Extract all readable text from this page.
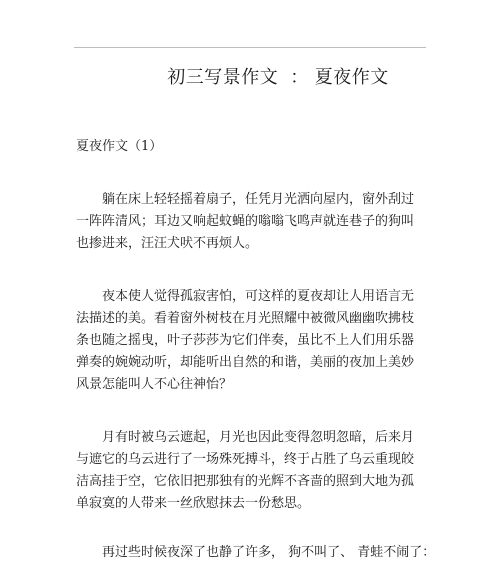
初三写景作文 ： 夏夜作文
夏夜作文（1）
躺在床上轻轻摇着扇子，任凭月光洒向屋内，窗外刮过
一阵阵清风；耳边又响起蚊蝇的嗡嗡飞鸣声就连巷子的狗叫
也掺进来，汪汪犬吠不再烦人。
夜本使人觉得孤寂害怕，可这样的夏夜却让人用语言无
法描述的美。看着窗外树枝在月光照耀中被微风幽幽吹拂枝
条也随之摇曳，叶子莎莎为它们伴奏，虽比不上人们用乐器
弹奏的婉婉动听，却能听出自然的和谐，美丽的夜加上美妙
风景怎能叫人不心往神怡？
月有时被乌云遮起，月光也因此变得忽明忽暗，后来月
与遮它的乌云进行了一场殊死搏斗，终于占胜了乌云重现皎
洁高挂于空，它依旧把那独有的光辉不吝啬的照到大地为孤
单寂寞的人带来一丝欣慰抹去一份愁思。
再过些时候夜深了也静了许多， 狗不叫了、 青蛙不闹了：
